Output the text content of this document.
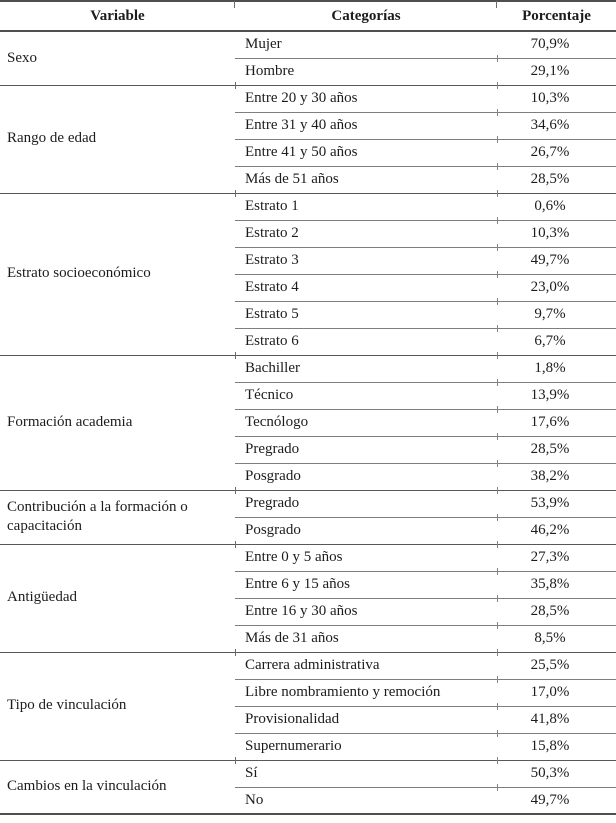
Variable	Categorías	Porcentaje
Sexo	Mujer	70,9%
	Hombre	29,1%
Rango de edad	Entre 20 y 30 años	10,3%
	Entre 31 y 40 años	34,6%
	Entre 41 y 50 años	26,7%
	Más de 51 años	28,5%
Estrato socioeconómico	Estrato 1	0,6%
	Estrato 2	10,3%
	Estrato 3	49,7%
	Estrato 4	23,0%
	Estrato 5	9,7%
	Estrato 6	6,7%
Formación academia	Bachiller	1,8%
	Técnico	13,9%
	Tecnólogo	17,6%
	Pregrado	28,5%
	Posgrado	38,2%
Contribución a la formación o capacitación	Pregrado	53,9%
	Posgrado	46,2%
Antigüedad	Entre 0 y 5 años	27,3%
	Entre 6 y 15 años	35,8%
	Entre 16 y 30 años	28,5%
	Más de 31 años	8,5%
Tipo de vinculación	Carrera administrativa	25,5%
	Libre nombramiento y remoción	17,0%
	Provisionalidad	41,8%
	Supernumerario	15,8%
Cambios en la vinculación	Sí	50,3%
	No	49,7%
